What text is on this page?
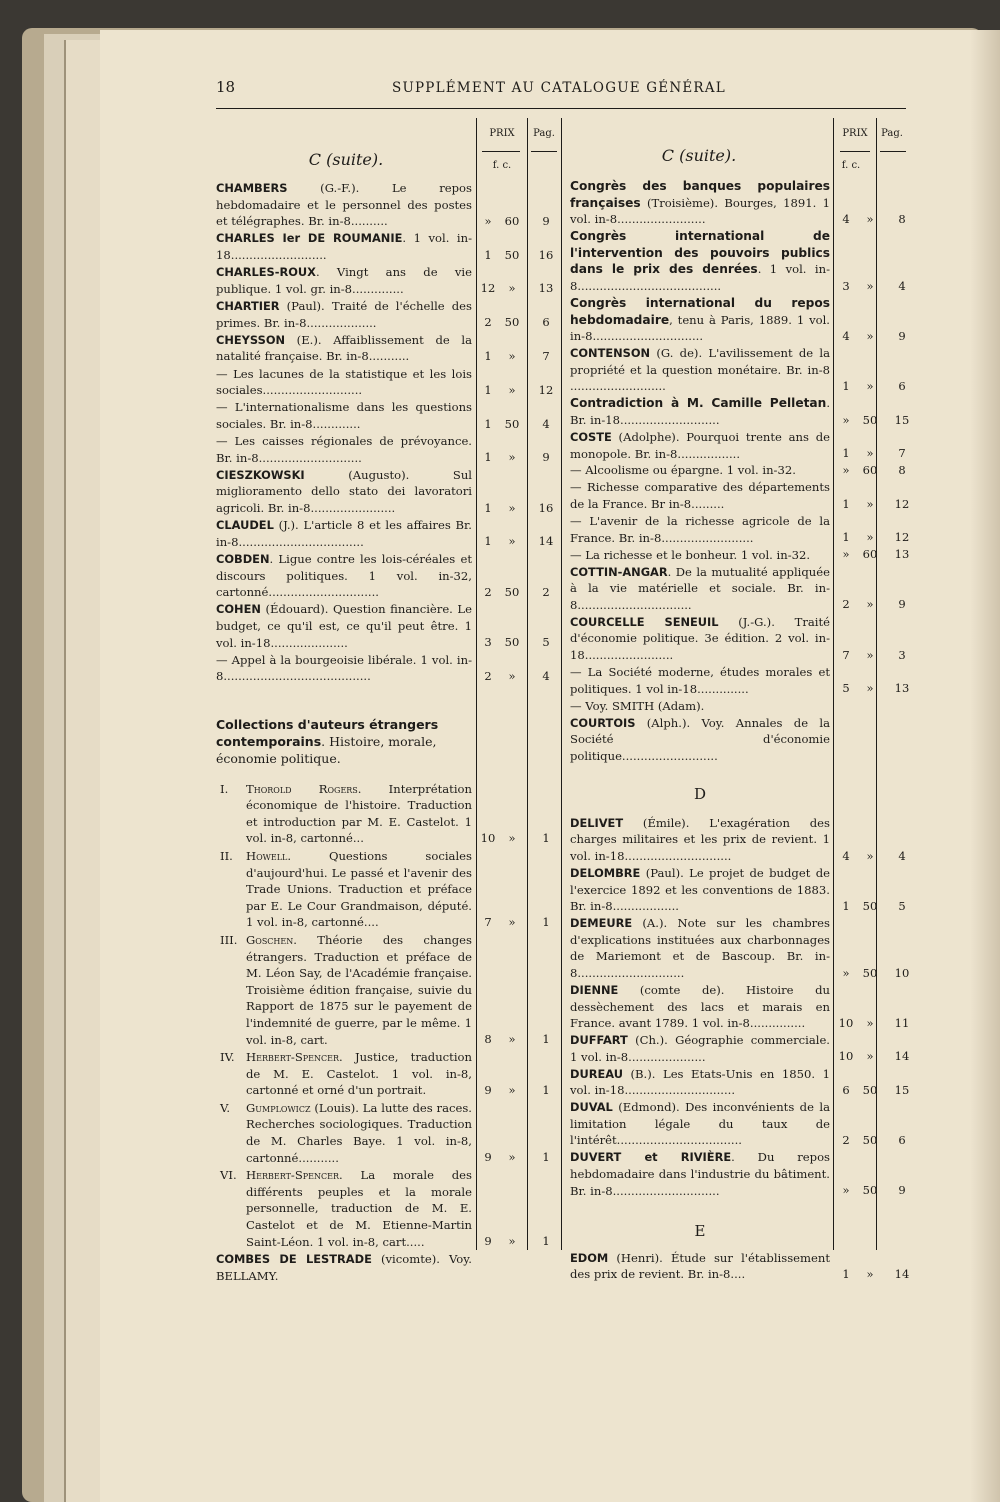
18	SUPPLÉMENT AU CATALOGUE GÉNÉRAL
PRIX	Pag.
f. c.
PRIX	Pag.
f. c.
C (suite).	C (suite).
CHAMBERS (G.-F.). Le repos hebdomadaire et le personnel des postes et télégraphes. Br. in-8..........	»	60	9
CHARLES Ier DE ROUMANIE. 1 vol. in-18..........................	1	50	16
CHARLES-ROUX. Vingt ans de vie publique. 1 vol. gr. in-8..............	12	»	13
CHARTIER (Paul). Traité de l'échelle des primes. Br. in-8...................	2	50	6
CHEYSSON (E.). Affaiblissement de la natalité française. Br. in-8...........	1	»	7
— Les lacunes de la statistique et les lois sociales...........................	1	»	12
— L'internationalisme dans les questions sociales. Br. in-8.............	1	50	4
— Les caisses régionales de prévoyance. Br. in-8............................	1	»	9
CIESZKOWSKI (Augusto). Sul miglioramento dello stato dei lavoratori agricoli. Br. in-8.......................	1	»	16
CLAUDEL (J.). L'article 8 et les affaires Br. in-8..................................	1	»	14
COBDEN. Ligue contre les lois-céréales et discours politiques. 1 vol. in-32, cartonné..............................	2	50	2
COHEN (Édouard). Question financière. Le budget, ce qu'il est, ce qu'il peut être. 1 vol. in-18.....................	3	50	5
— Appel à la bourgeoisie libérale. 1 vol. in-8........................................	2	»	4
Collections d'auteurs étrangers contemporains. Histoire, morale, économie politique.
I.	Thorold Rogers. Interprétation économique de l'histoire. Traduction et introduction par M. E. Castelot. 1 vol. in-8, cartonné...	10	»	1
II.	Howell. Questions sociales d'aujourd'hui. Le passé et l'avenir des Trade Unions. Traduction et préface par E. Le Cour Grandmaison, député. 1 vol. in-8, cartonné....	7	»	1
III. Goschen. Théorie des changes étrangers. Traduction et préface de M. Léon Say, de l'Académie française. Troisième édition française, suivie du Rapport de 1875 sur le payement de l'indemnité de guerre, par le même. 1 vol. in-8, cart.	8	»	1
IV. Herbert-Spencer. Justice, traduction de M. E. Castelot. 1 vol. in-8, cartonné et orné d'un portrait.	9	»	1
V.	Gumplowicz (Louis). La lutte des races. Recherches sociologiques. Traduction de M. Charles Baye. 1 vol. in-8, cartonné...........	9	»	1
VI. Herbert-Spencer. La morale des différents peuples et la morale personnelle, traduction de M. E. Castelot et de M. Etienne-Martin Saint-Léon. 1 vol. in-8, cart.....	9	»	1
COMBES DE LESTRADE (vicomte). Voy. BELLAMY.
Congrès des banques populaires françaises (Troisième). Bourges, 1891. 1 vol. in-8........................	4	»	8
Congrès international de l'intervention des pouvoirs publics dans le prix des denrées. 1 vol. in-8.......................................	3	»	4
Congrès international du repos hebdomadaire, tenu à Paris, 1889. 1 vol. in-8..............................	4	»	9
CONTENSON (G. de). L'avilissement de la propriété et la question monétaire. Br. in-8 ..........................	1	»	6
Contradiction à M. Camille Pelletan. Br. in-18...........................	»	50	15
COSTE (Adolphe). Pourquoi trente ans de monopole. Br. in-8.................	1	»	7
— Alcoolisme ou épargne. 1 vol. in-32.	»	60	8
— Richesse comparative des départements de la France. Br in-8.........	1	»	12
— L'avenir de la richesse agricole de la France. Br. in-8.........................	1	»	12
— La richesse et le bonheur. 1 vol. in-32.	»	60	13
COTTIN-ANGAR. De la mutualité appliquée à la vie matérielle et sociale. Br. in-8...............................	2	»	9
COURCELLE SENEUIL (J.-G.). Traité d'économie politique. 3e édition. 2 vol. in-18........................	7	»	3
— La Société moderne, études morales et politiques. 1 vol in-18..............	5	»	13
— Voy. SMITH (Adam).
COURTOIS (Alph.). Voy. Annales de la Société d'économie politique..........................
D
DELIVET (Émile). L'exagération des charges militaires et les prix de revient. 1 vol. in-18.............................	4	»	4
DELOMBRE (Paul). Le projet de budget de l'exercice 1892 et les conventions de 1883. Br. in-8..................	1	50	5
DEMEURE (A.). Note sur les chambres d'explications instituées aux charbonnages de Mariemont et de Bascoup. Br. in-8.............................	»	50	10
DIENNE (comte de). Histoire du dessèchement des lacs et marais en France. avant 1789. 1 vol. in-8...............	10	»	11
DUFFART (Ch.). Géographie commerciale. 1 vol. in-8.....................	10	»	14
DUREAU (B.). Les Etats-Unis en 1850. 1 vol. in-18..............................	6	50	15
DUVAL (Edmond). Des inconvénients de la limitation légale du taux de l'intérêt..................................	2	50	6
DUVERT et RIVIÈRE. Du repos hebdomadaire dans l'industrie du bâtiment. Br. in-8.............................	»	50	9
E
EDOM (Henri). Étude sur l'établissement des prix de revient. Br. in-8....	1	»	14
